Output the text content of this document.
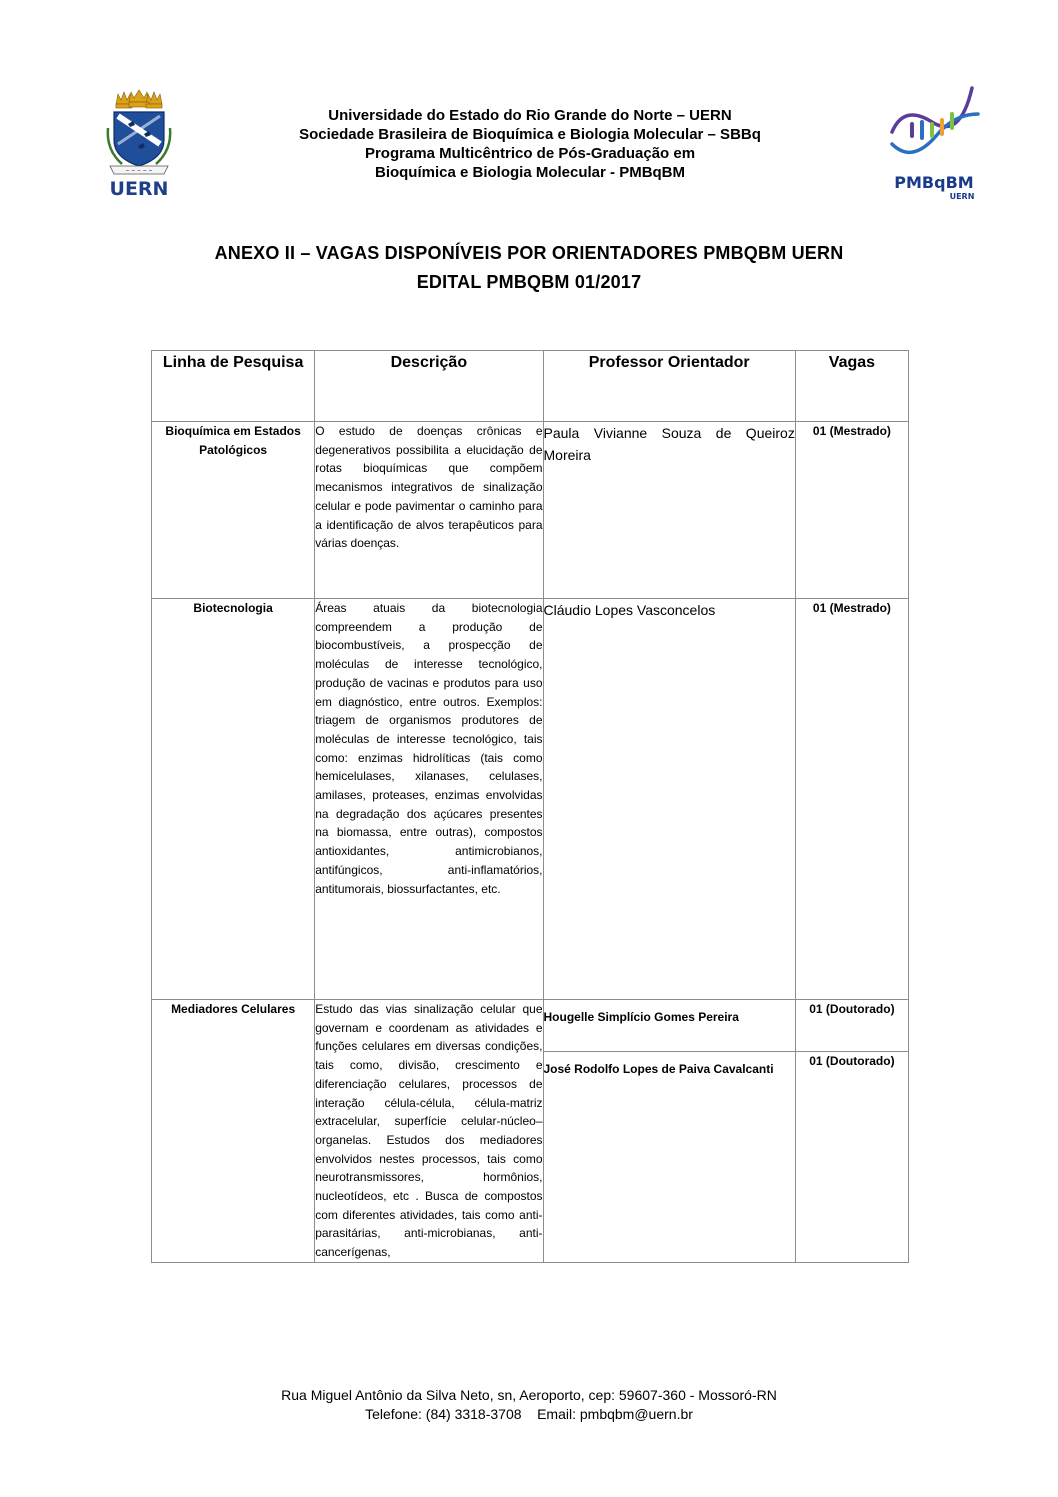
~ ~ ~ ~ ~
UERN
Universidade do Estado do Rio Grande do Norte – UERN
Sociedade Brasileira de Bioquímica e Biologia Molecular – SBBq
Programa Multicêntrico de Pós-Graduação em
Bioquímica e Biologia Molecular - PMBqBM
PMBqBM
UERN
ANEXO II – VAGAS DISPONÍVEIS POR ORIENTADORES PMBQBM UERN
EDITAL PMBQBM 01/2017
Linha de Pesquisa	Descrição	Professor Orientador	Vagas
Bioquímica em Estados Patológicos	O estudo de doenças crônicas e degenerativos possibilita a elucidação de rotas bioquímicas que compõem mecanismos integrativos de sinalização celular e pode pavimentar o caminho para a identificação de alvos terapêuticos para várias doenças.	Paula Vivianne Souza de Queiroz Moreira	01 (Mestrado)
Biotecnologia	Áreas atuais da biotecnologia compreendem a produção de biocombustíveis, a prospecção de moléculas de interesse tecnológico, produção de vacinas e produtos para uso em diagnóstico, entre outros. Exemplos: triagem de organismos produtores de moléculas de interesse tecnológico, tais como: enzimas hidrolíticas (tais como hemicelulases, xilanases, celulases, amilases, proteases, enzimas envolvidas na degradação dos açúcares presentes na biomassa, entre outras), compostos antioxidantes, antimicrobianos, antifúngicos, anti-inflamatórios, antitumorais, biossurfactantes, etc.	Cláudio Lopes Vasconcelos	01 (Mestrado)
Mediadores Celulares	Estudo das vias sinalização celular que governam e coordenam as atividades e funções celulares em diversas condições, tais como, divisão, crescimento e diferenciação celulares, processos de interação célula-célula, célula-matriz extracelular, superfície celular-núcleo–organelas. Estudos dos mediadores envolvidos nestes processos, tais como neurotransmissores, hormônios, nucleotídeos, etc . Busca de compostos com diferentes atividades, tais como anti-parasitárias, anti-microbianas, anti-cancerígenas,	Hougelle Simplício Gomes Pereira	01 (Doutorado)
		José Rodolfo Lopes de Paiva Cavalcanti	01 (Doutorado)
Rua Miguel Antônio da Silva Neto, sn, Aeroporto, cep: 59607-360 - Mossoró-RN
Telefone: (84) 3318-3708    Email: pmbqbm@uern.br
